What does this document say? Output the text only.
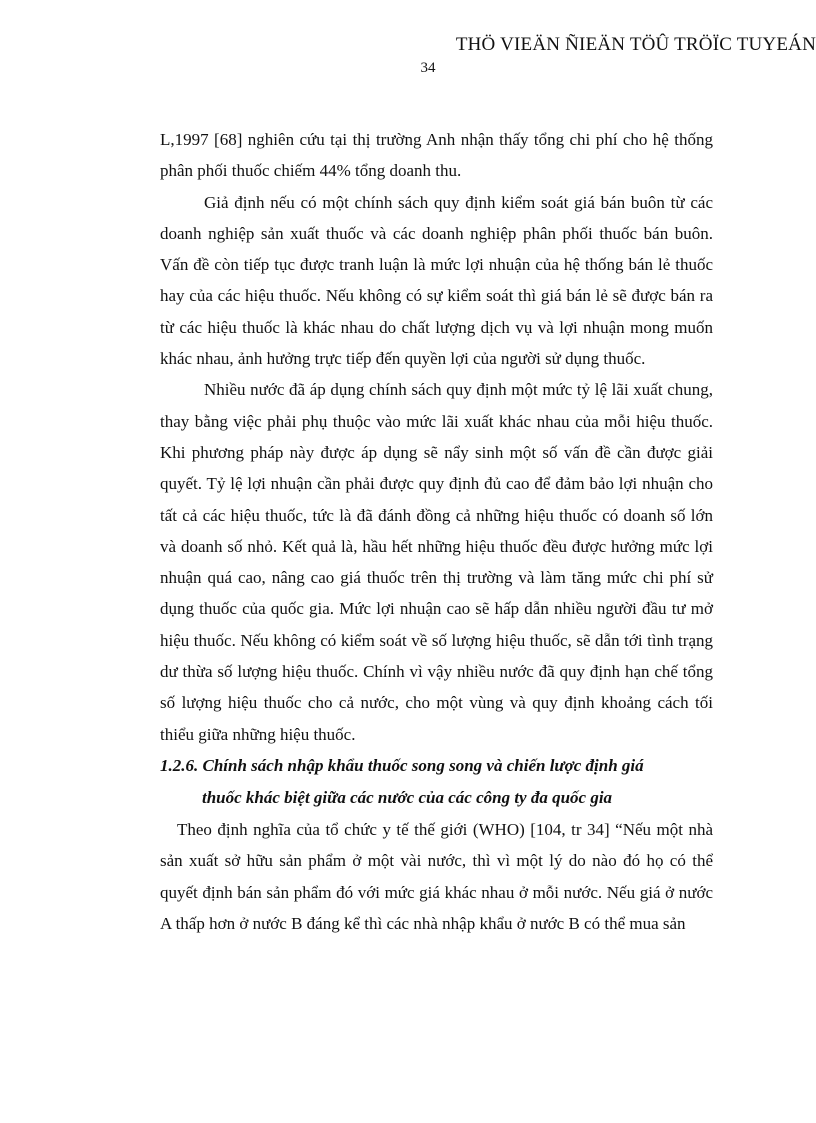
THÖ VIEÄN ÑIEÄN TÖÛ TRÖÏC TUYEÁN
34

L,1997 [68] nghiên cứu tại thị trường Anh nhận thấy tổng chi phí cho hệ thống phân phối thuốc chiếm 44% tổng doanh thu.

Giả định nếu có một chính sách quy định kiểm soát giá bán buôn từ các doanh nghiệp sản xuất thuốc và các doanh nghiệp phân phối thuốc bán buôn. Vấn đề còn tiếp tục được tranh luận là mức lợi nhuận của hệ thống bán lẻ thuốc hay của các hiệu thuốc. Nếu không có sự kiểm soát thì giá bán lẻ sẽ được bán ra từ các hiệu thuốc là khác nhau do chất lượng dịch vụ và lợi nhuận mong muốn khác nhau, ảnh hưởng trực tiếp đến quyền lợi của người sử dụng thuốc.

Nhiều nước đã áp dụng chính sách quy định một mức tỷ lệ lãi xuất chung, thay bằng việc phải phụ thuộc vào mức lãi xuất khác nhau của mỗi hiệu thuốc. Khi phương pháp này được áp dụng sẽ nẩy sinh một số vấn đề cần được giải quyết. Tỷ lệ lợi nhuận cần phải được quy định đủ cao để đảm bảo lợi nhuận cho tất cả các hiệu thuốc, tức là đã đánh đồng cả những hiệu thuốc có doanh số lớn và doanh số nhỏ. Kết quả là, hầu hết những hiệu thuốc đều được hưởng mức lợi nhuận quá cao, nâng cao giá thuốc trên thị trường và làm tăng mức chi phí sử dụng thuốc của quốc gia. Mức lợi nhuận cao sẽ hấp dẫn nhiều người đầu tư mở hiệu thuốc. Nếu không có kiểm soát về số lượng hiệu thuốc, sẽ dẫn tới tình trạng dư thừa số lượng hiệu thuốc. Chính vì vậy nhiều nước đã quy định hạn chế tổng số lượng hiệu thuốc cho cả nước, cho một vùng và quy định khoảng cách tối thiểu giữa những hiệu thuốc.

1.2.6. Chính sách nhập khẩu thuốc song song và chiến lược định giá
thuốc khác biệt giữa các nước của các công ty đa quốc gia

Theo định nghĩa của tổ chức y tế thế giới (WHO) [104, tr 34] “Nếu một nhà sản xuất sở hữu sản phẩm ở một vài nước, thì vì một lý do nào đó họ có thể quyết định bán sản phẩm đó với mức giá khác nhau ở mỗi nước. Nếu giá ở nước A thấp hơn ở nước B đáng kể thì các nhà nhập khẩu ở nước B có thể mua sản
